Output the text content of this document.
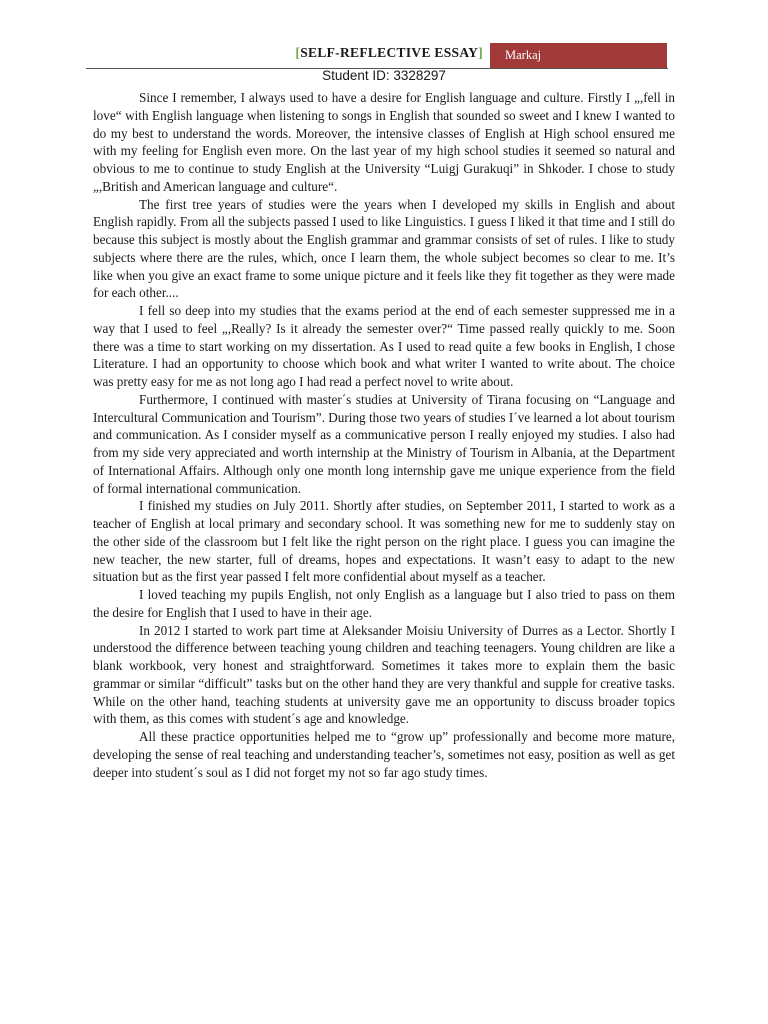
[SELF-REFLECTIVE ESSAY]	Markaj
Student ID: 3328297

Since I remember, I always used to have a desire for English language and culture. Firstly I „,fell in love“ with English language when listening to songs in English that sounded so sweet and I knew I wanted to do my best to understand the words. Moreover, the intensive classes of English at High school ensured me with my feeling for English even more. On the last year of my high school studies it seemed so natural and obvious to me to continue to study English at the University “Luigj Gurakuqi” in Shkoder. I chose to study „,British and American language and culture“.

The first tree years of studies were the years when I developed my skills in English and about English rapidly. From all the subjects passed I used to like Linguistics. I guess I liked it that time and I still do because this subject is mostly about the English grammar and grammar consists of set of rules. I like to study subjects where there are the rules, which, once I learn them, the whole subject becomes so clear to me. It’s like when you give an exact frame to some unique picture and it feels like they fit together as they were made for each other....

I fell so deep into my studies that the exams period at the end of each semester suppressed me in a way that I used to feel „,Really? Is it already the semester over?“ Time passed really quickly to me. Soon there was a time to start working on my dissertation. As I used to read quite a few books in English, I chose Literature. I had an opportunity to choose which book and what writer I wanted to write about. The choice was pretty easy for me as not long ago I had read a perfect novel to write about.

Furthermore, I continued with master´s studies at University of Tirana focusing on “Language and Intercultural Communication and Tourism”. During those two years of studies I´ve learned a lot about tourism and communication. As I consider myself as a communicative person I really enjoyed my studies. I also had from my side very appreciated and worth internship at the Ministry of Tourism in Albania, at the Department of International Affairs. Although only one month long internship gave me unique experience from the field of formal international communication.

I finished my studies on July 2011. Shortly after studies, on September 2011, I started to work as a teacher of English at local primary and secondary school. It was something new for me to suddenly stay on the other side of the classroom but I felt like the right person on the right place. I guess you can imagine the new teacher, the new starter, full of dreams, hopes and expectations. It wasn’t easy to adapt to the new situation but as the first year passed I felt more confidential about myself as a teacher.

I loved teaching my pupils English, not only English as a language but I also tried to pass on them the desire for English that I used to have in their age.

In 2012 I started to work part time at Aleksander Moisiu University of Durres as a Lector. Shortly I understood the difference between teaching young children and teaching teenagers. Young children are like a blank workbook, very honest and straightforward. Sometimes it takes more to explain them the basic grammar or similar “difficult” tasks but on the other hand they are very thankful and supple for creative tasks. While on the other hand, teaching students at university gave me an opportunity to discuss broader topics with them, as this comes with student´s age and knowledge.

All these practice opportunities helped me to “grow up” professionally and become more mature, developing the sense of real teaching and understanding teacher’s, sometimes not easy, position as well as get deeper into student´s soul as I did not forget my not so far ago study times.
